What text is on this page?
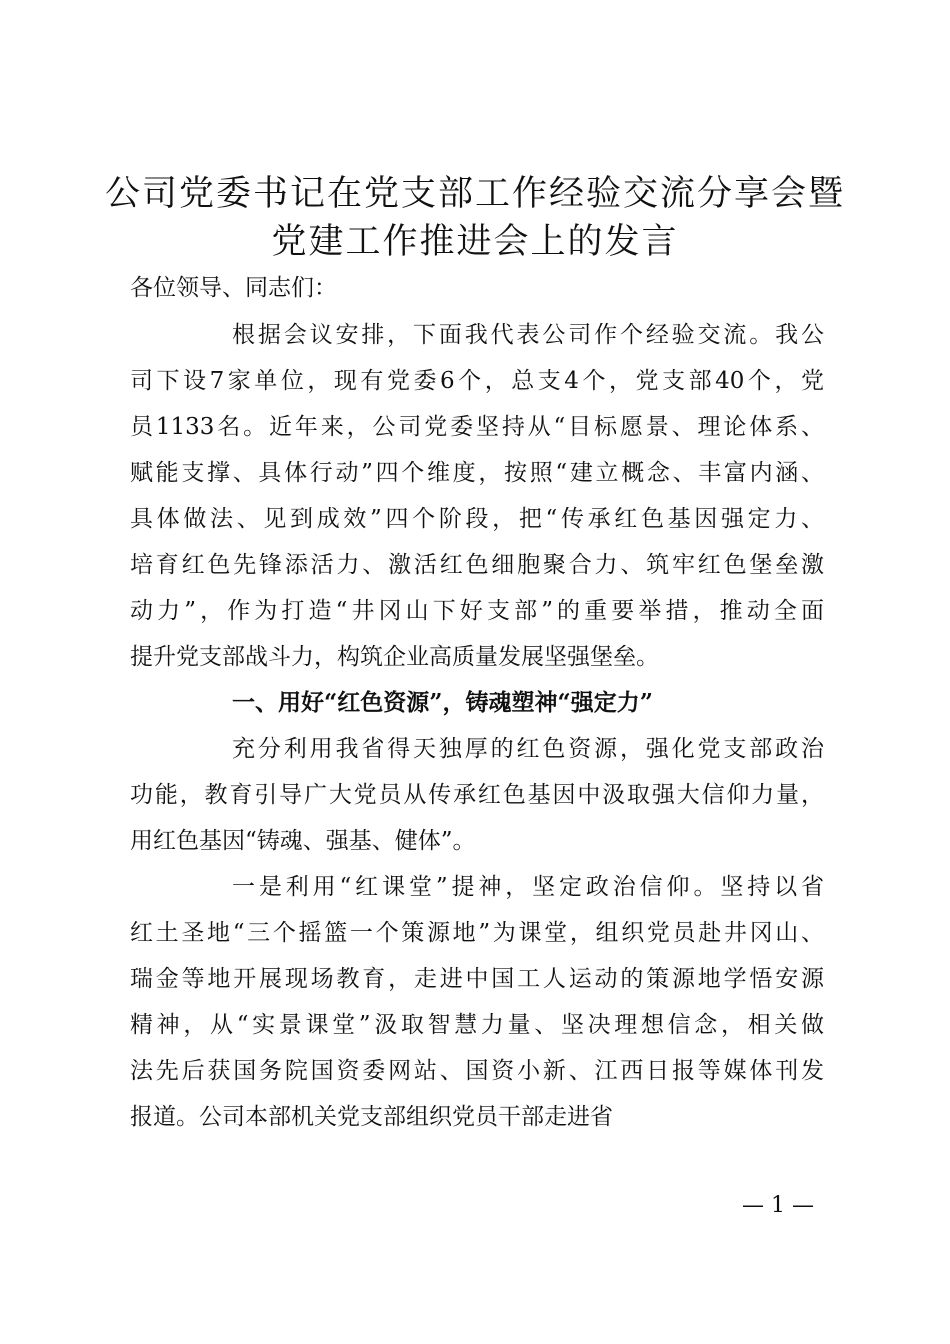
公司党委书记在党支部工作经验交流分享会暨
党建工作推进会上的发言
各位领导、同志们：
根据会议安排，下面我代表公司作个经验交流。我公
司下设7家单位，现有党委6个，总支4个，党支部40个，党
员1133名。近年来，公司党委坚持从“目标愿景、理论体系、
赋能支撑、具体行动”四个维度，按照“建立概念、丰富内涵、
具体做法、见到成效”四个阶段，把“传承红色基因强定力、
培育红色先锋添活力、激活红色细胞聚合力、筑牢红色堡垒激
动力”，作为打造“井冈山下好支部”的重要举措，推动全面
提升党支部战斗力，构筑企业高质量发展坚强堡垒。
一、用好“红色资源”，铸魂塑神“强定力”
充分利用我省得天独厚的红色资源，强化党支部政治
功能，教育引导广大党员从传承红色基因中汲取强大信仰力量，
用红色基因“铸魂、强基、健体”。
一是利用“红课堂”提神，坚定政治信仰。坚持以省
红土圣地“三个摇篮一个策源地”为课堂，组织党员赴井冈山、
瑞金等地开展现场教育，走进中国工人运动的策源地学悟安源
精神，从“实景课堂”汲取智慧力量、坚决理想信念，相关做
法先后获国务院国资委网站、国资小新、江西日报等媒体刊发
报道。公司本部机关党支部组织党员干部走进省
— 1 —
